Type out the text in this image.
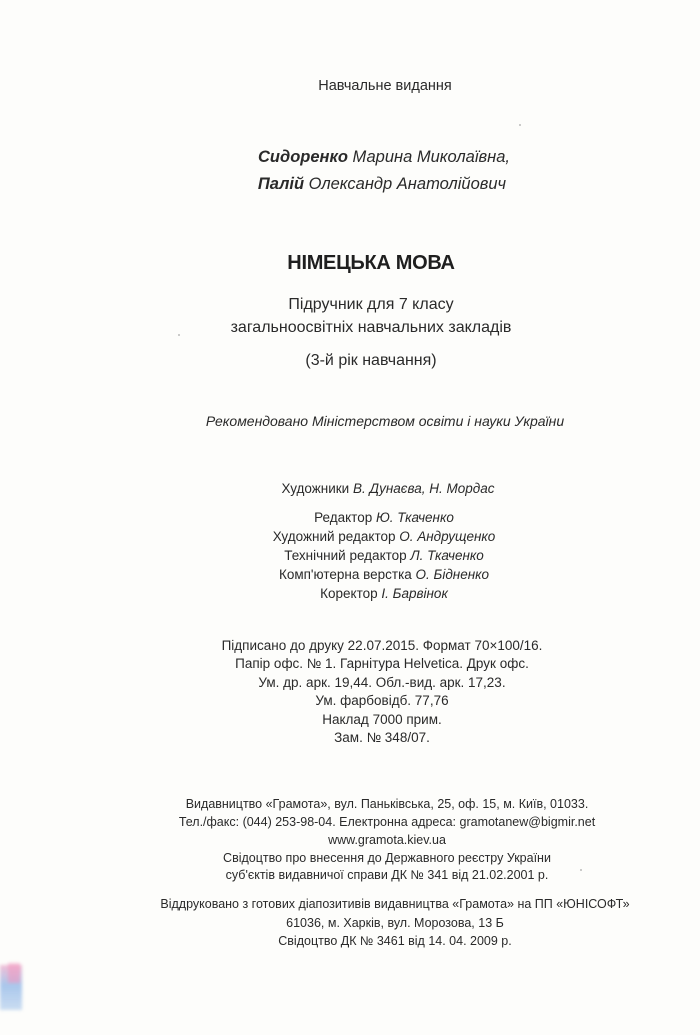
Навчальне видання
Сидоренко Марина Миколаївна,
Палій Олександр Анатолійович
НІМЕЦЬКА МОВА
Підручник для 7 класу
загальноосвітніх навчальних закладів
(3-й рік навчання)
Рекомендовано Міністерством освіти і науки України
Художники В. Дунаєва, Н. Мордас
Редактор Ю. Ткаченко
Художний редактор О. Андрущенко
Технічний редактор Л. Ткаченко
Комп'ютерна верстка О. Бідненко
Коректор І. Барвінок
Підписано до друку 22.07.2015. Формат 70×100/16.
Папір офс. № 1. Гарнітура Helvetica. Друк офс.
Ум. др. арк. 19,44. Обл.-вид. арк. 17,23.
Ум. фарбовідб. 77,76
Наклад 7000 прим.
Зам. № 348/07.
Видавництво «Грамота», вул. Паньківська, 25, оф. 15, м. Київ, 01033.
Тел./факс: (044) 253-98-04. Електронна адреса: gramotanew@bigmir.net
www.gramota.kiev.ua
Свідоцтво про внесення до Державного реєстру України
суб'єктів видавничої справи ДК № 341 від 21.02.2001 р.
Віддруковано з готових діапозитивів видавництва «Грамота» на ПП «ЮНІСОФТ»
61036, м. Харків, вул. Морозова, 13 Б
Свідоцтво ДК № 3461 від 14. 04. 2009 р.
